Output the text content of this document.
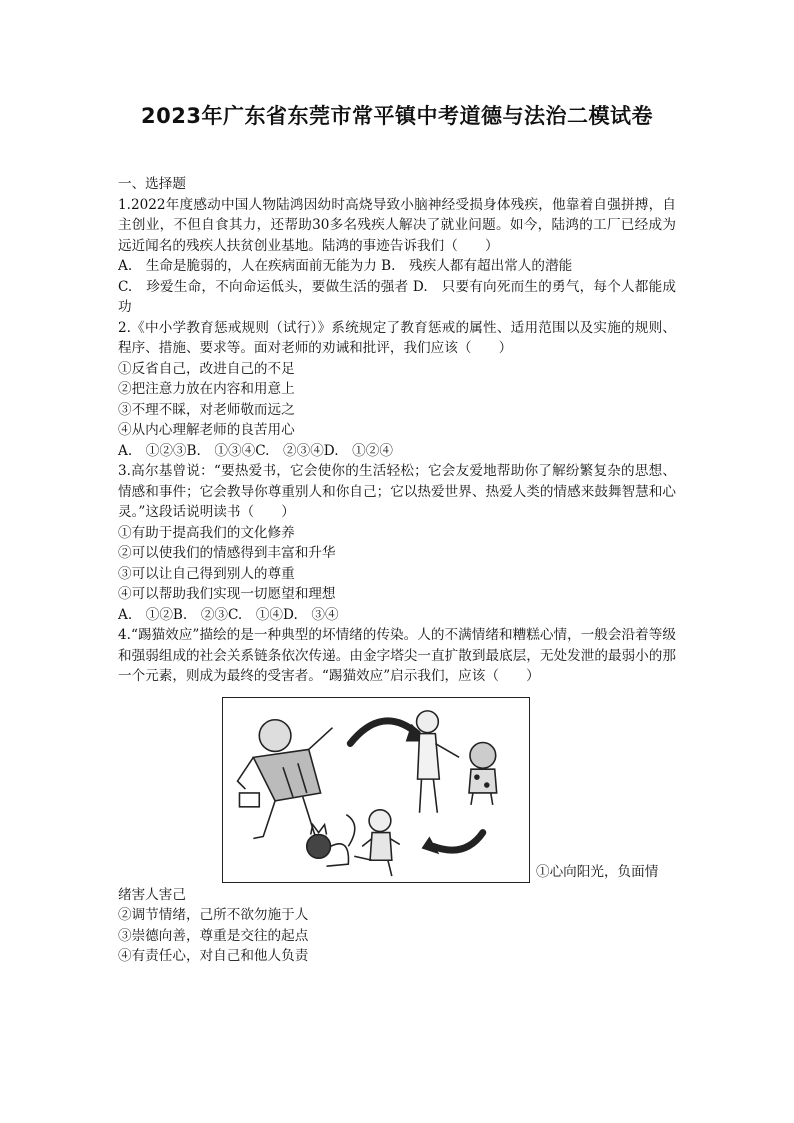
2023年广东省东莞市常平镇中考道德与法治二模试卷

一、选择题

1.2022年度感动中国人物陆鸿因幼时高烧导致小脑神经受损身体残疾，他靠着自强拼搏，自主创业，不但自食其力，还帮助30多名残疾人解决了就业问题。如今，陆鸿的工厂已经成为远近闻名的残疾人扶贫创业基地。陆鸿的事迹告诉我们（　　）

A.　生命是脆弱的，人在疾病面前无能为力 B.　残疾人都有超出常人的潜能

C.　珍爱生命，不向命运低头，要做生活的强者 D.　只要有向死而生的勇气，每个人都能成功

2.《中小学教育惩戒规则（试行）》系统规定了教育惩戒的属性、适用范围以及实施的规则、程序、措施、要求等。面对老师的劝诫和批评，我们应该（　　）

①反省自己，改进自己的不足

②把注意力放在内容和用意上

③不理不睬，对老师敬而远之

④从内心理解老师的良苦用心

A.　①②③B.　①③④C.　②③④D.　①②④

3.高尔基曾说：“要热爱书，它会使你的生活轻松；它会友爱地帮助你了解纷繁复杂的思想、情感和事件；它会教导你尊重别人和你自己；它以热爱世界、热爱人类的情感来鼓舞智慧和心灵。”这段话说明读书（　　）

①有助于提高我们的文化修养

②可以使我们的情感得到丰富和升华

③可以让自己得到别人的尊重

④可以帮助我们实现一切愿望和理想

A.　①②B.　②③C.　①④D.　③④

4.“踢猫效应”描绘的是一种典型的坏情绪的传染。人的不满情绪和糟糕心情，一般会沿着等级和强弱组成的社会关系链条依次传递。由金字塔尖一直扩散到最底层，无处发泄的最弱小的那一个元素，则成为最终的受害者。“踢猫效应”启示我们，应该（　　）

①心向阳光，负面情

绪害人害己

②调节情绪，己所不欲勿施于人

③崇德向善，尊重是交往的起点

④有责任心，对自己和他人负责
